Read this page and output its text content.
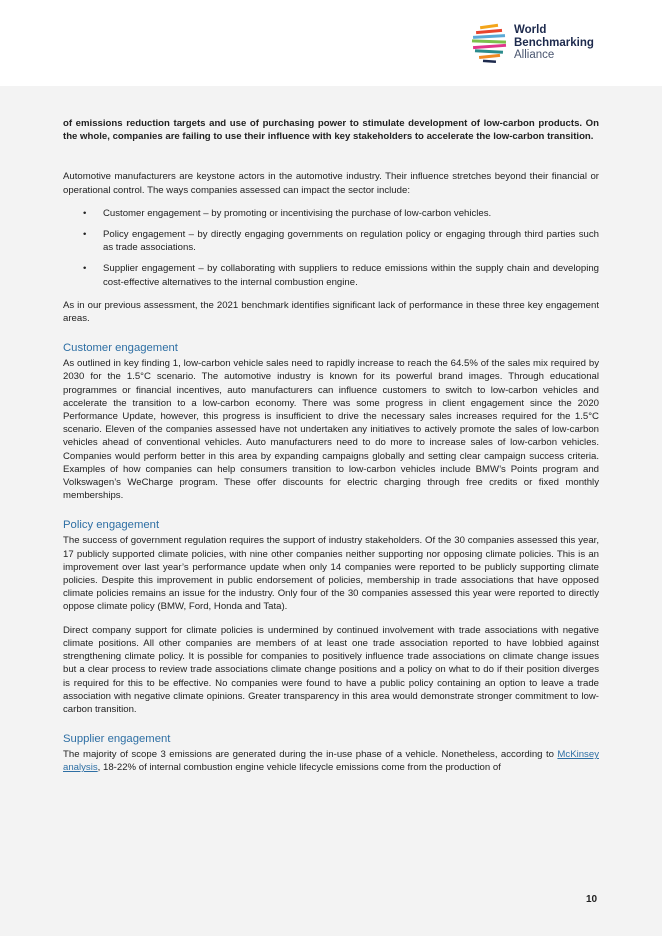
World
Benchmarking
Alliance

of emissions reduction targets and use of purchasing power to stimulate development of low-carbon products. On the whole, companies are failing to use their influence with key stakeholders to accelerate the low-carbon transition.

Automotive manufacturers are keystone actors in the automotive industry. Their influence stretches beyond their financial or operational control. The ways companies assessed can impact the sector include:

• Customer engagement – by promoting or incentivising the purchase of low-carbon vehicles.
• Policy engagement – by directly engaging governments on regulation policy or engaging through third parties such as trade associations.
• Supplier engagement – by collaborating with suppliers to reduce emissions within the supply chain and developing cost-effective alternatives to the internal combustion engine.

As in our previous assessment, the 2021 benchmark identifies significant lack of performance in these three key engagement areas.

Customer engagement

As outlined in key finding 1, low-carbon vehicle sales need to rapidly increase to reach the 64.5% of the sales mix required by 2030 for the 1.5°C scenario. The automotive industry is known for its powerful brand images. Through educational programmes or financial incentives, auto manufacturers can influence customers to switch to low-carbon vehicles and accelerate the transition to a low-carbon economy. There was some progress in client engagement since the 2020 Performance Update, however, this progress is insufficient to drive the necessary sales increases required for the 1.5°C scenario. Eleven of the companies assessed have not undertaken any initiatives to actively promote the sales of low-carbon vehicles ahead of conventional vehicles. Auto manufacturers need to do more to increase sales of low-carbon vehicles. Companies would perform better in this area by expanding campaigns globally and setting clear campaign success criteria. Examples of how companies can help consumers transition to low-carbon vehicles include BMW’s Points program and Volkswagen’s WeCharge program. These offer discounts for electric charging through free credits or fixed monthly memberships.

Policy engagement

The success of government regulation requires the support of industry stakeholders. Of the 30 companies assessed this year, 17 publicly supported climate policies, with nine other companies neither supporting nor opposing climate policies. This is an improvement over last year’s performance update when only 14 companies were reported to be publicly supporting climate policies. Despite this improvement in public endorsement of policies, membership in trade associations that have opposed climate policies remains an issue for the industry. Only four of the 30 companies assessed this year were reported to directly oppose climate policy (BMW, Ford, Honda and Tata).

Direct company support for climate policies is undermined by continued involvement with trade associations with negative climate positions. All other companies are members of at least one trade association reported to have lobbied against strengthening climate policy. It is possible for companies to positively influence trade associations on climate change issues but a clear process to review trade associations climate change positions and a policy on what to do if their position diverges is required for this to be effective. No companies were found to have a public policy containing an option to leave a trade association with negative climate opinions. Greater transparency in this area would demonstrate stronger commitment to low-carbon transition.

Supplier engagement

The majority of scope 3 emissions are generated during the in-use phase of a vehicle. Nonetheless, according to McKinsey analysis, 18-22% of internal combustion engine vehicle lifecycle emissions come from the production of

10
